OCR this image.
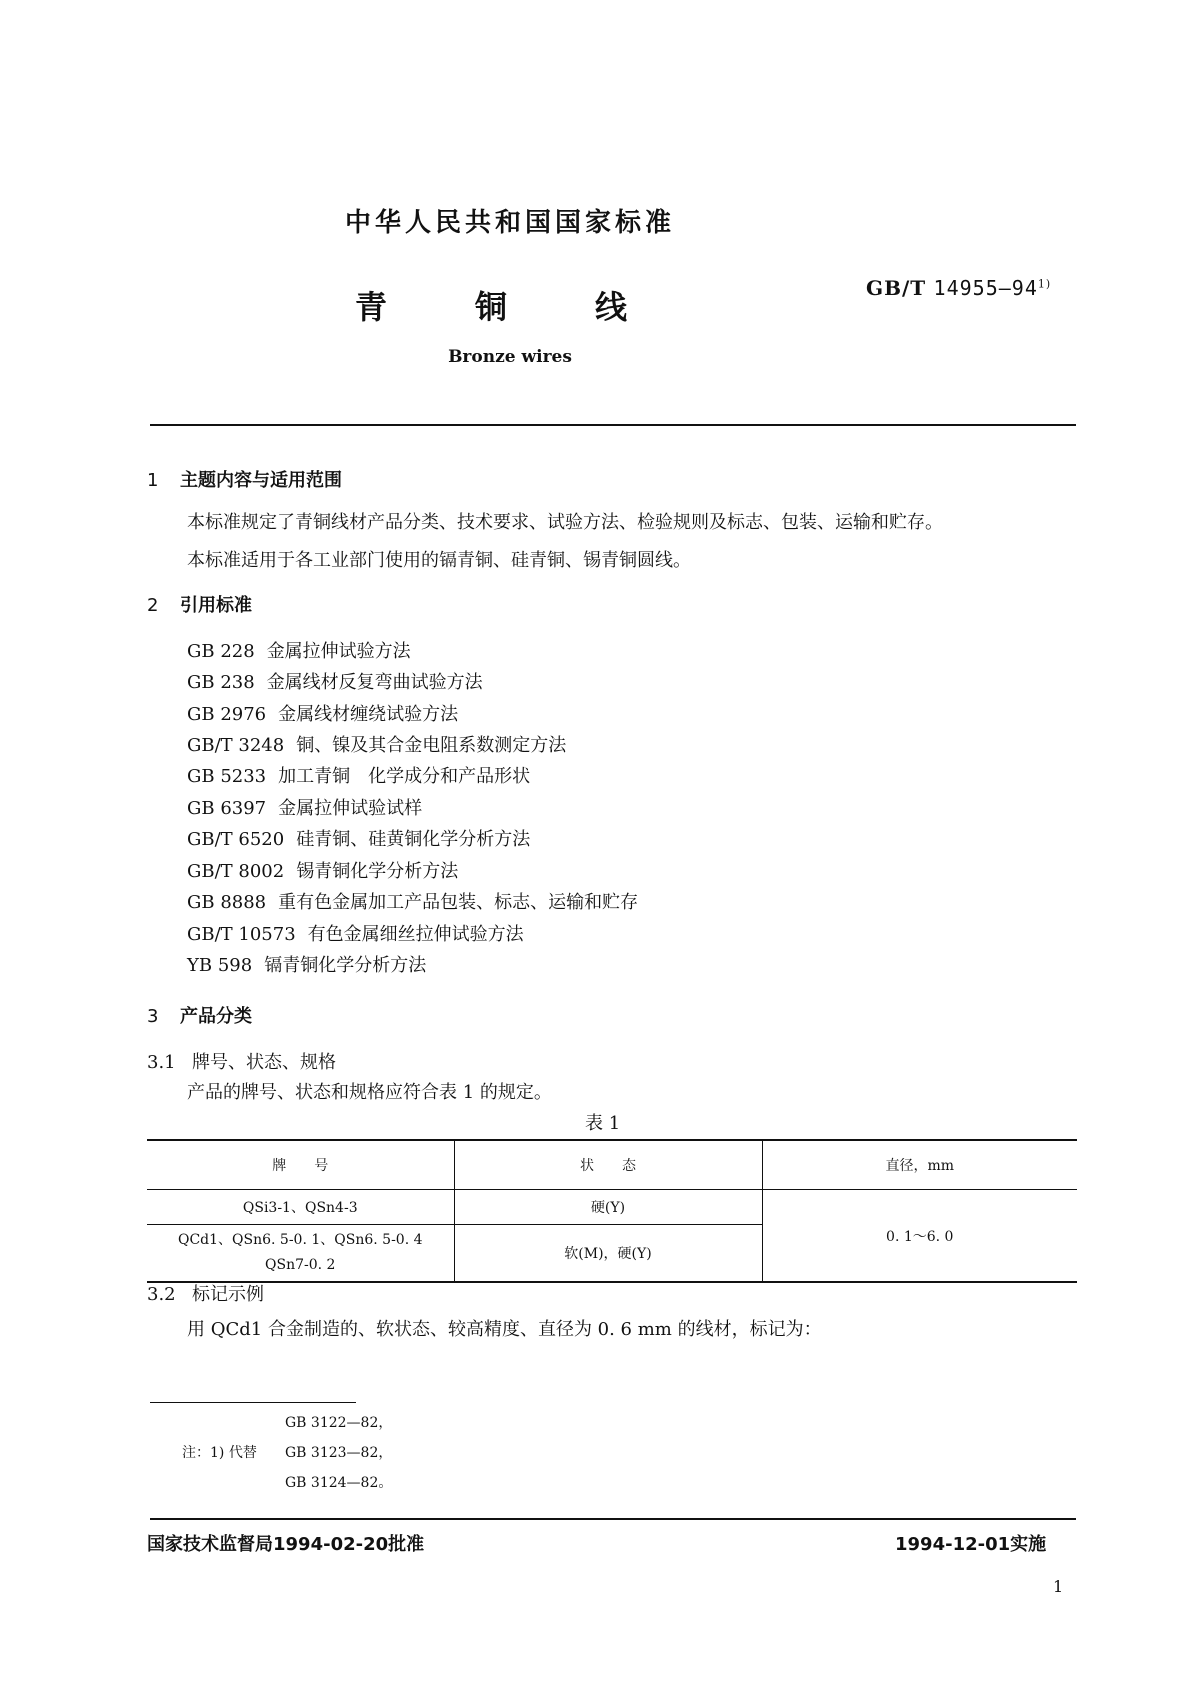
中华人民共和国国家标准
青铜线	GB/T 14955—94$^{1)}$
Bronze wires
1 主题内容与适用范围
本标准规定了青铜线材产品分类、技术要求、试验方法、检验规则及标志、包装、运输和贮存。
本标准适用于各工业部门使用的镉青铜、硅青铜、锡青铜圆线。
2 引用标准
GB 228 金属拉伸试验方法
GB 238 金属线材反复弯曲试验方法
GB 2976 金属线材缠绕试验方法
GB/T 3248 铜、镍及其合金电阻系数测定方法
GB 5233 加工青铜　化学成分和产品形状
GB 6397 金属拉伸试验试样
GB/T 6520 硅青铜、硅黄铜化学分析方法
GB/T 8002 锡青铜化学分析方法
GB 8888 重有色金属加工产品包装、标志、运输和贮存
GB/T 10573 有色金属细丝拉伸试验方法
YB 598 镉青铜化学分析方法
3 产品分类
3.1 牌号、状态、规格
产品的牌号、状态和规格应符合表 1 的规定。
表 1
牌　　号	状　　态	直径，mm
QSi3-1、QSn4-3	硬(Y)	0. 1～6. 0

QCd1、QSn6. 5-0. 1、QSn6. 5-0. 4
QSn7-0. 2	软(M)，硬(Y)	
3.2 标记示例
用 QCd1 合金制造的、软状态、较高精度、直径为 0. 6 mm 的线材，标记为：
GB 3122—82，
注：1) 代替 GB 3123—82，
GB 3124—82。
国家技术监督局1994-02-20批准	1994-12-01实施
1
